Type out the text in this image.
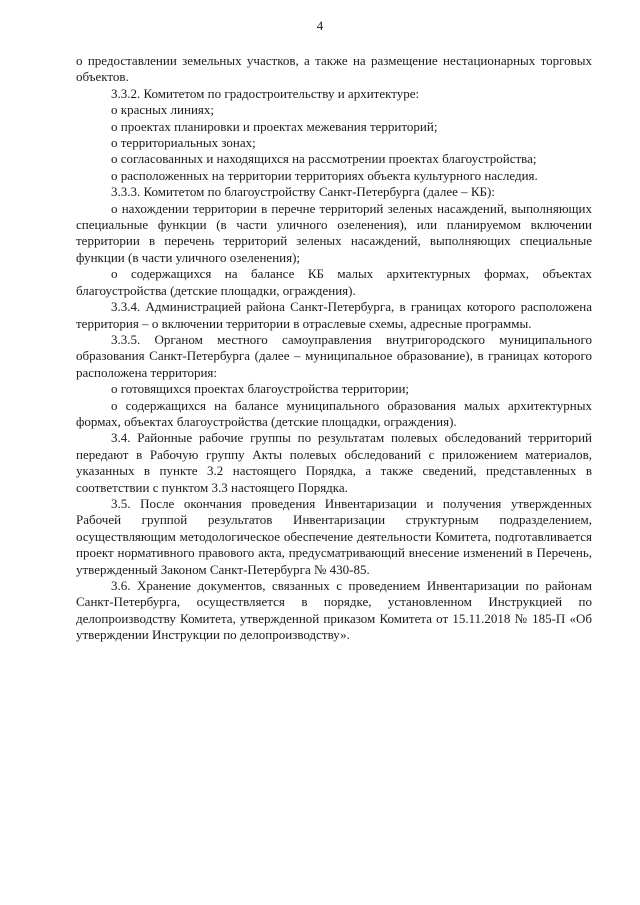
4

о предоставлении земельных участков, а также на размещение нестационарных торговых объектов.

3.3.2. Комитетом по градостроительству и архитектуре:

о красных линиях;

о проектах планировки и проектах межевания территорий;

о территориальных зонах;

о согласованных и находящихся на рассмотрении проектах благоустройства;

о расположенных на территории территориях объекта культурного наследия.

3.3.3. Комитетом по благоустройству Санкт-Петербурга (далее – КБ):

о нахождении территории в перечне территорий зеленых насаждений, выполняющих специальные функции (в части уличного озеленения), или планируемом включении территории в перечень территорий зеленых насаждений, выполняющих специальные функции (в части уличного озеленения);

о содержащихся на балансе КБ малых архитектурных формах, объектах благоустройства (детские площадки, ограждения).

3.3.4. Администрацией района Санкт-Петербурга, в границах которого расположена территория – о включении территории в отраслевые схемы, адресные программы.

3.3.5. Органом местного самоуправления внутригородского муниципального образования Санкт-Петербурга (далее – муниципальное образование), в границах которого расположена территория:

о готовящихся проектах благоустройства территории;

о содержащихся на балансе муниципального образования малых архитектурных формах, объектах благоустройства (детские площадки, ограждения).

3.4. Районные рабочие группы по результатам полевых обследований территорий передают в Рабочую группу Акты полевых обследований с приложением материалов, указанных в пункте 3.2 настоящего Порядка, а также сведений, представленных в соответствии с пунктом 3.3 настоящего Порядка.

3.5. После окончания проведения Инвентаризации и получения утвержденных Рабочей группой результатов Инвентаризации структурным подразделением, осуществляющим методологическое обеспечение деятельности Комитета, подготавливается проект нормативного правового акта, предусматривающий внесение изменений в Перечень, утвержденный Законом Санкт-Петербурга № 430-85.

3.6. Хранение документов, связанных с проведением Инвентаризации по районам Санкт-Петербурга, осуществляется в порядке, установленном Инструкцией по делопроизводству Комитета, утвержденной приказом Комитета от 15.11.2018 № 185-П «Об утверждении Инструкции по делопроизводству».
